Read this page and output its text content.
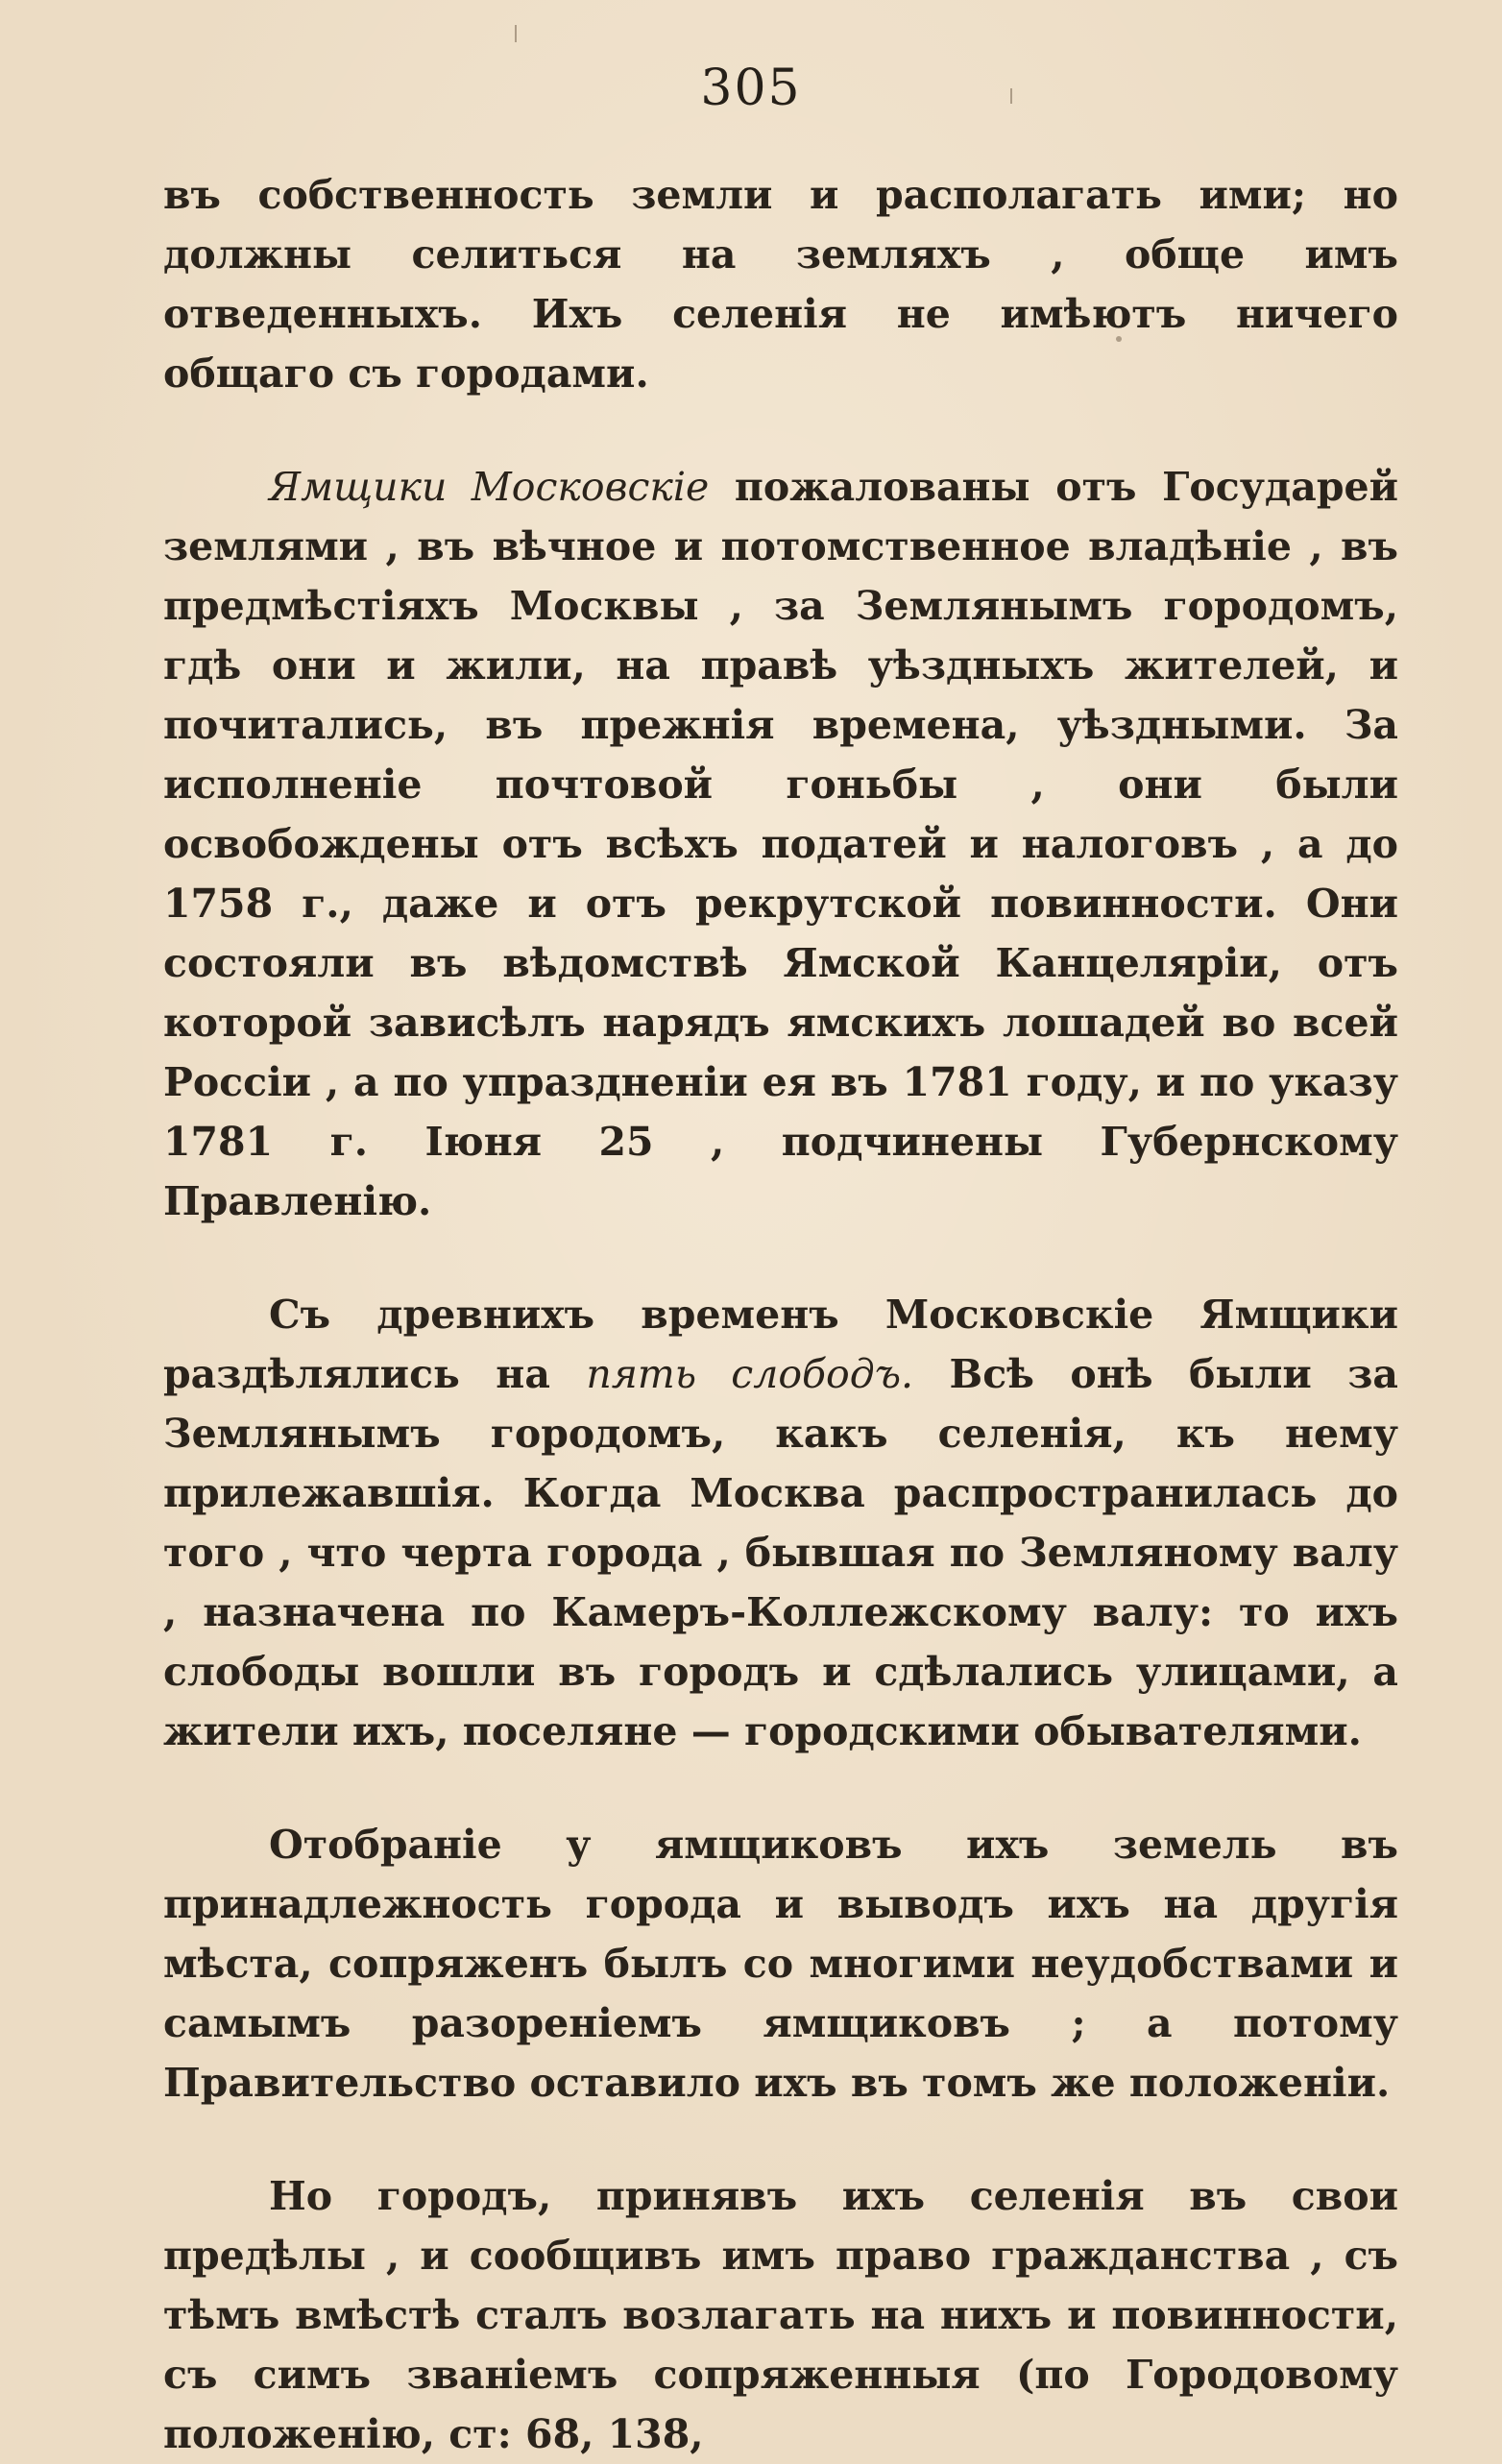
305

въ собственность земли и располагать ими; но должны селиться на земляхъ , общe имъ отведенныхъ. Ихъ селенія не имѣютъ ничего общаго съ городами.

Ямщики Московскіе пожалованы отъ Государей землями , въ вѣчное и потомственное владѣніе , въ предмѣстіяхъ Москвы , за Землянымъ городомъ, гдѣ они и жили, на правѣ уѣздныхъ жителей, и почитались, въ прежнія времена, уѣздными. За исполненіе почтовой гоньбы , они были освобождены отъ всѣхъ податей и налоговъ , а до 1758 г., даже и отъ рекрутской повинности. Они состояли въ вѣдомствѣ Ямской Канцеляріи, отъ которой зависѣлъ нарядъ ямскихъ лошадей во всей Россіи , а по упраздненіи ея въ 1781 году, и по указу 1781 г. Іюня 25 , подчинены Губернскому Правленію.

Съ древнихъ временъ Московскіе Ямщики раздѣлялись на пять слободъ. Всѣ онѣ были за Землянымъ городомъ, какъ селенія, къ нему прилежавшія. Когда Москва распространилась до того , что черта города , бывшая по Земляному валу , назначена по Камеръ-Коллежскому валу: то ихъ слободы вошли въ городъ и сдѣлались улицами, а жители ихъ, поселяне — городскими обывателями.

Отобраніе у ямщиковъ ихъ земель въ принадлежность города и выводъ ихъ на другія мѣста, сопряженъ былъ со многими неудобствами и самымъ разореніемъ ямщиковъ ; а потому Правительство оставило ихъ въ томъ же положеніи.

Но городъ, принявъ ихъ селенія въ свои предѣлы , и сообщивъ имъ право гражданства , съ тѣмъ вмѣстѣ сталъ возлагать на нихъ и повинности, съ симъ званіемъ сопряженныя (по Городовому положенію, ст: 68, 138,
